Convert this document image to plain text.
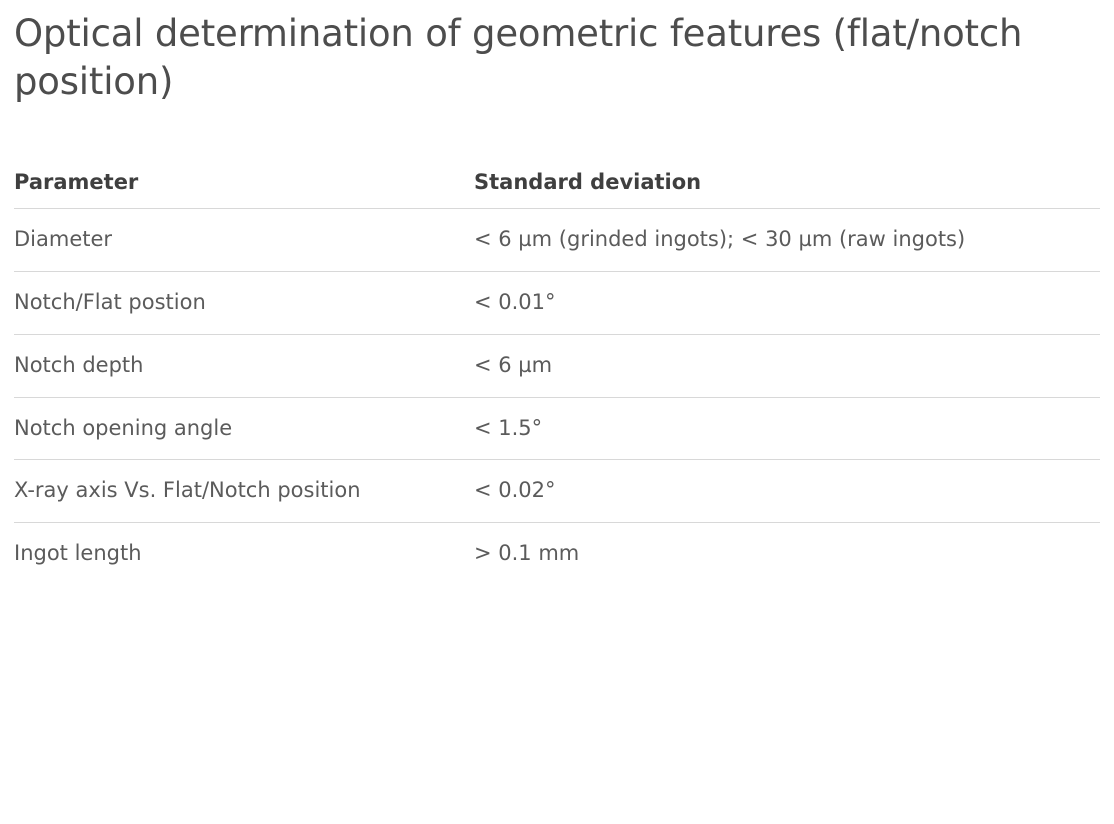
Optical determination of geometric features (flat/notch position)
Parameter	Standard deviation
Diameter	< 6 µm (grinded ingots); < 30 µm (raw ingots)
Notch/Flat postion	< 0.01°
Notch depth	< 6 µm
Notch opening angle	< 1.5°
X-ray axis Vs. Flat/Notch position	< 0.02°
Ingot length	> 0.1 mm
